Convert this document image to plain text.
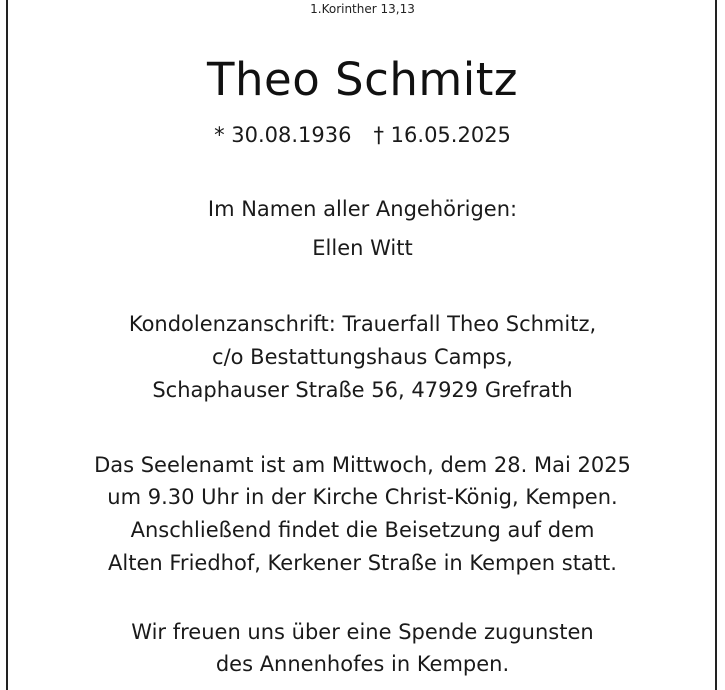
1.Korinther 13,13
Theo Schmitz
* 30.08.1936 † 16.05.2025
Im Namen aller Angehörigen:
Ellen Witt
Kondolenzanschrift: Trauerfall Theo Schmitz,
c/o Bestattungshaus Camps,
Schaphauser Straße 56, 47929 Grefrath
Das Seelenamt ist am Mittwoch, dem 28. Mai 2025
um 9.30 Uhr in der Kirche Christ-König, Kempen.
Anschließend findet die Beisetzung auf dem
Alten Friedhof, Kerkener Straße in Kempen statt.
Wir freuen uns über eine Spende zugunsten
des Annenhofes in Kempen.
